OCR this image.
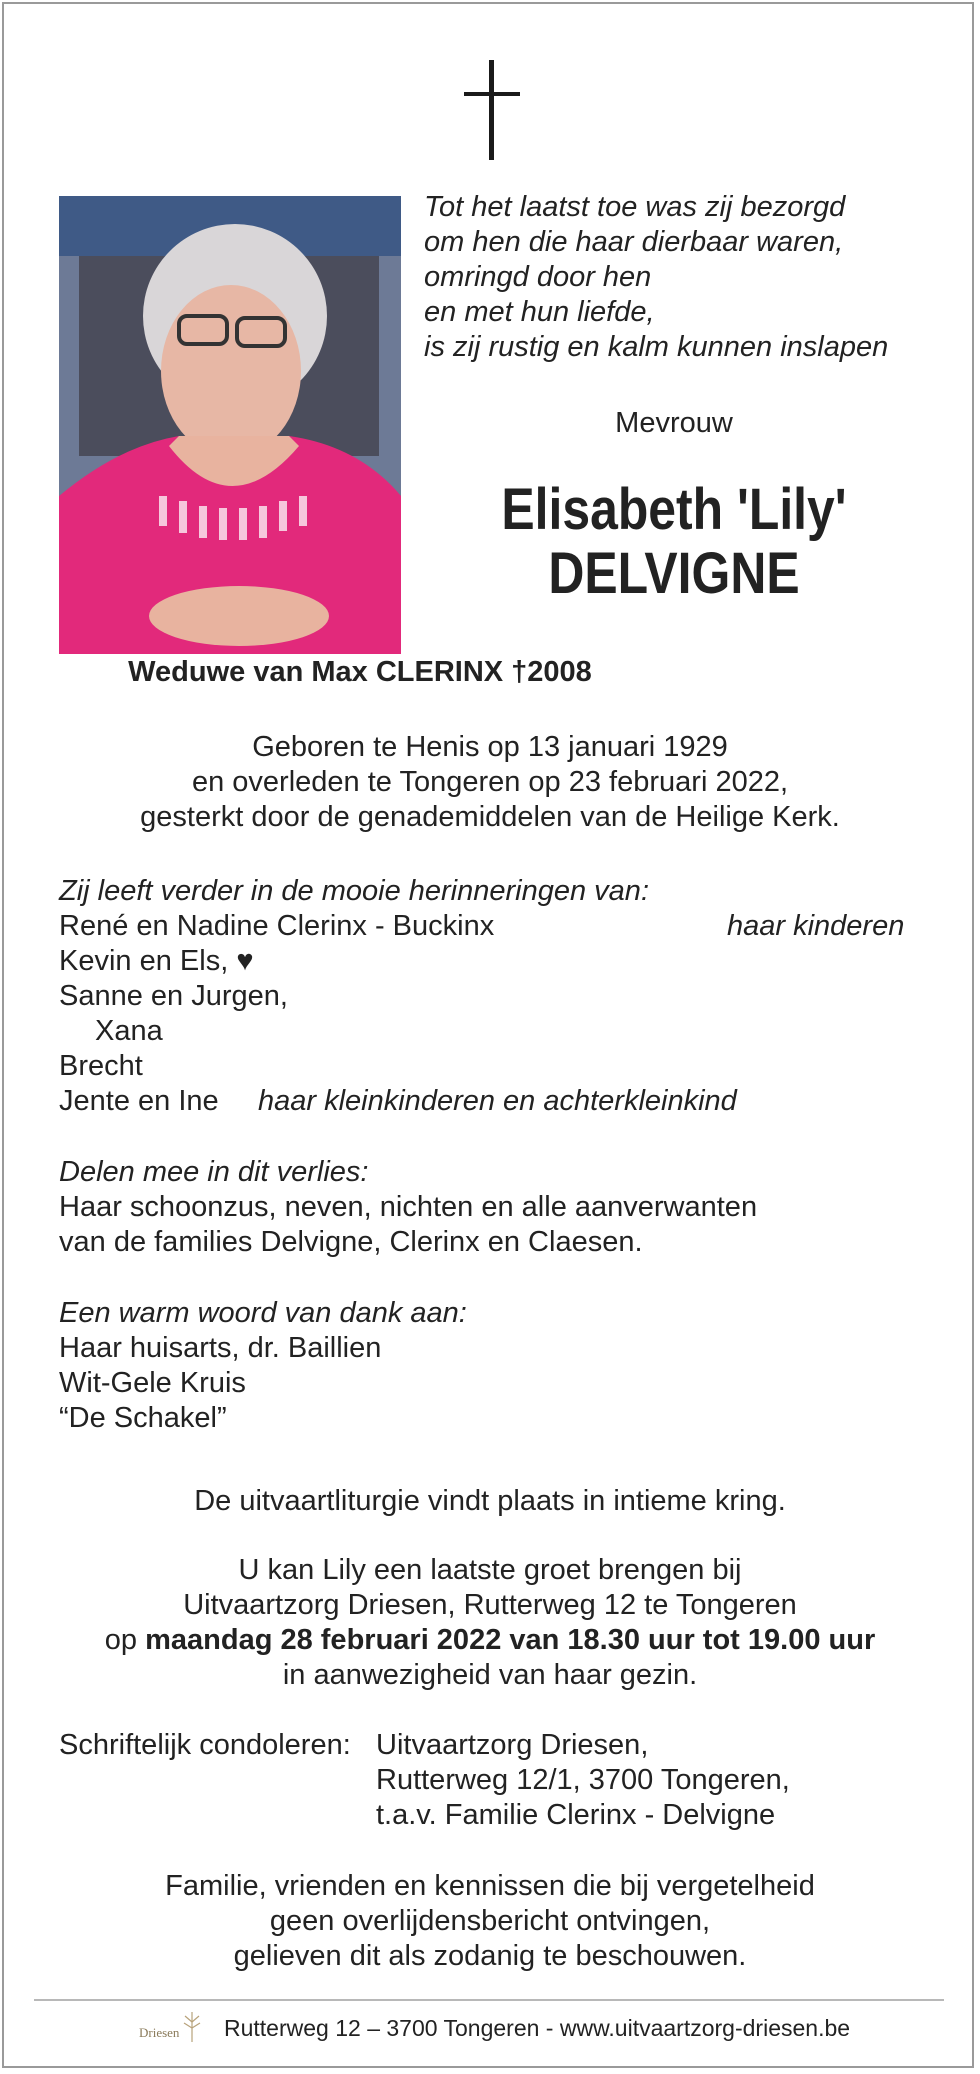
Tot het laatst toe was zij bezorgd
om hen die haar dierbaar waren,
omringd door hen
en met hun liefde,
is zij rustig en kalm kunnen inslapen
Mevrouw
Elisabeth 'Lily'
DELVIGNE
Weduwe van Max CLERINX †2008
Geboren te Henis op 13 januari 1929
en overleden te Tongeren op 23 februari 2022,
gesterkt door de genademiddelen van de Heilige Kerk.
Zij leeft verder in de mooie herinneringen van:
René en Nadine Clerinx - Buckinx	haar kinderen
Kevin en Els, ♥
Sanne en Jurgen,
Xana
Brecht
Jente en Ine haar kleinkinderen en achterkleinkind
Delen mee in dit verlies:
Haar schoonzus, neven, nichten en alle aanverwanten
van de families Delvigne, Clerinx en Claesen.
Een warm woord van dank aan:
Haar huisarts, dr. Baillien
Wit-Gele Kruis
“De Schakel”
De uitvaartliturgie vindt plaats in intieme kring.
U kan Lily een laatste groet brengen bij
Uitvaartzorg Driesen, Rutterweg 12 te Tongeren
op maandag 28 februari 2022 van 18.30 uur tot 19.00 uur
in aanwezigheid van haar gezin.
Schriftelijk condoleren: Uitvaartzorg Driesen,
Rutterweg 12/1, 3700 Tongeren,
t.a.v. Familie Clerinx - Delvigne
Familie, vrienden en kennissen die bij vergetelheid
geen overlijdensbericht ontvingen,
gelieven dit als zodanig te beschouwen.
Driesen Rutterweg 12 – 3700 Tongeren - www.uitvaartzorg-driesen.be
